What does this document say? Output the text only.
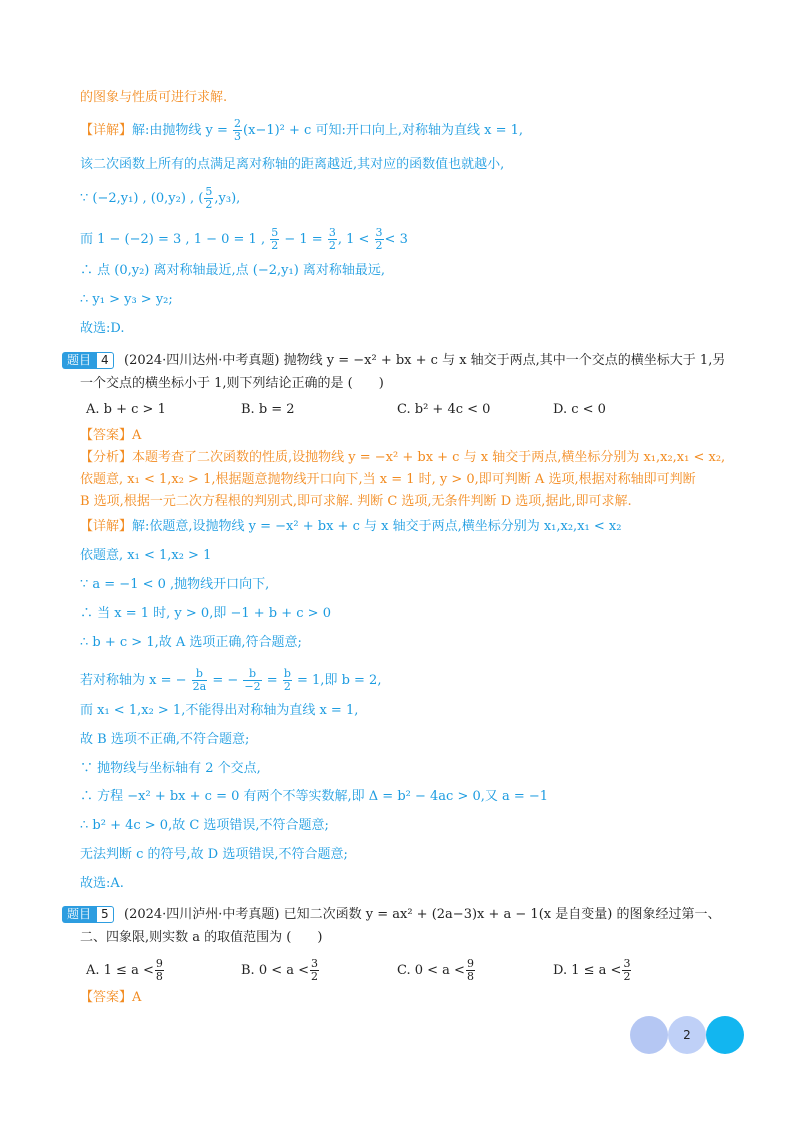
的图象与性质可进行求解.
【详解】解:由抛物线 $y = \frac{2}{3} (x-1)^2 + c$ 可知:开口向上,对称轴为直线 x = 1,
该二次函数上所有的点满足离对称轴的距离越近,其对应的函数值也就越小,
∵ (−2,y₁) , (0,y₂) , ( $\frac{5}{2} ,y_3$),
而 1 − (−2) = 3 , 1 − 0 = 1 , $\frac{5}{2} - 1 = \frac{3}{2}$ , $1 < \frac{3}{2} < 3$
∴ 点 (0,y₂) 离对称轴最近,点 (−2,y₁) 离对称轴最远,
∴ y₁ > y₃ > y₂;
故选:D.
题目 4	(2024·四川达州·中考真题) 抛物线 y = −x² + bx + c 与 x 轴交于两点,其中一个交点的横坐标大于 1,另
一个交点的横坐标小于 1,则下列结论正确的是 (　　)
A. b + c > 1	B. b = 2	C. b² + 4c < 0	D. c < 0
【答案】A
【分析】本题考查了二次函数的性质,设抛物线 y = −x² + bx + c 与 x 轴交于两点,横坐标分别为 x₁,x₂,x₁ < x₂,
依题意, x₁ < 1,x₂ > 1,根据题意抛物线开口向下,当 x = 1 时, y > 0,即可判断 A 选项,根据对称轴即可判断
B 选项,根据一元二次方程根的判别式,即可求解. 判断 C 选项,无条件判断 D 选项,据此,即可求解.
【详解】解:依题意,设抛物线 y = −x² + bx + c 与 x 轴交于两点,横坐标分别为 x₁,x₂,x₁ < x₂
依题意, x₁ < 1,x₂ > 1
∵ a = −1 < 0 ,抛物线开口向下,
∴ 当 x = 1 时, y > 0,即 −1 + b + c > 0
∴ b + c > 1,故 A 选项正确,符合题意;
若对称轴为 x = − $\frac{b}{2a}$ = − $\frac{b}{-2} = \frac{b}{2} = 1$,即 b = 2,
而 x₁ < 1,x₂ > 1,不能得出对称轴为直线 x = 1,
故 B 选项不正确,不符合题意;
∵ 抛物线与坐标轴有 2 个交点,
∴ 方程 −x² + bx + c = 0 有两个不等实数解,即 Δ = b² − 4ac > 0,又 a = −1
∴ b² + 4c > 0,故 C 选项错误,不符合题意;
无法判断 c 的符号,故 D 选项错误,不符合题意;
故选:A.
题目 5	(2024·四川泸州·中考真题) 已知二次函数 y = ax² + (2a−3)x + a − 1(x 是自变量) 的图象经过第一、
二、四象限,则实数 a 的取值范围为 (　　)
A. $1 \le a < \frac{9}{8}$	B. $0 < a < \frac{3}{2}$	C. $0 < a < \frac{9}{8}$	D. $1 \le a < \frac{3}{2}$
【答案】A
2
